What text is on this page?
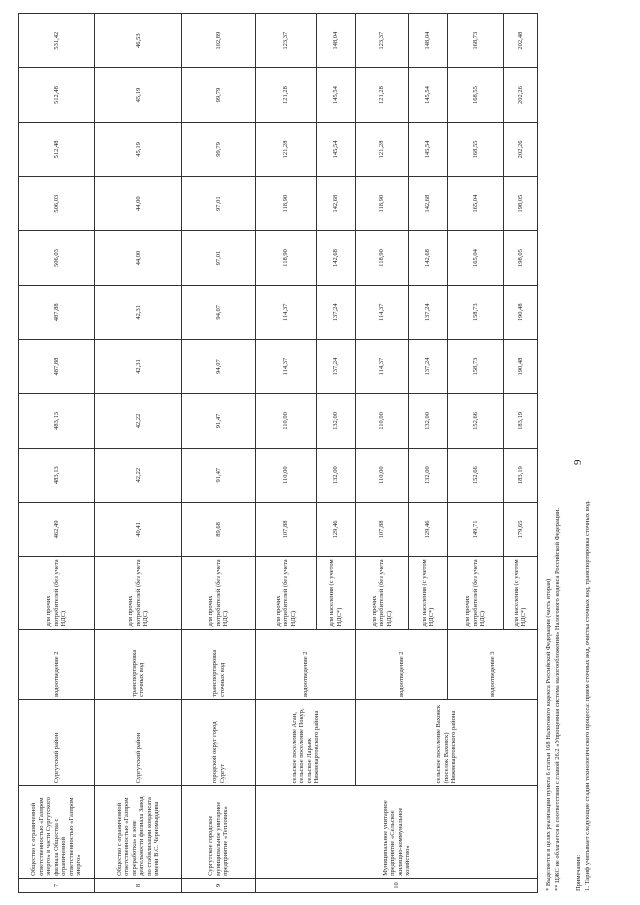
9
7	Общество с ограниченной ответственностью «Газпром энерго» в части Сургутского филиала Общества с ограниченной ответственностью «Газпром энерго»	Сургутский район	водоотведение 2	для прочих потребителей (без учета НДС)	462,49	483,13	483,13	487,88	487,88	506,03	506,03	512,48	512,48	531,42
8	Общество с ограниченной ответственностью «Газпром переработка» в зоне деятельности филиала Завод по стабилизации конденсата имени В.С. Черномырдина	Сургутский район	транспортировка сточных вод	для прочих потребителей (без учета НДС)	40,41	42,22	42,22	42,31	42,31	44,00	44,00	45,19	45,19	46,53
9	Сургутское городское муниципальное унитарное предприятие «Тепловик»	городской округ город Сургут	транспортировка сточных вод	для прочих потребителей (без учета НДС)	89,68	91,47	91,47	94,07	94,07	97,01	97,01	99,79	99,79	102,89
10	Муниципальное унитарное предприятие «Сельское жилищно-коммунальное хозяйство»	сельское поселение Аган, сельское поселение Покур, сельское Ларьяк Нижневартовского района	водоотведение 2	для прочих потребителей (без учета НДС)	107,88	110,00	110,00	114,37	114,37	118,90	118,90	121,28	121,28	123,37
				для населения (с учетом НДС*)	129,46	132,00	132,00	137,24	137,24	142,68	142,68	145,54	145,54	148,04
		сельское поселение Ваховск (поселок Ваховск) Нижневартовского района	водоотведение 2	для прочих потребителей (без учета НДС)	107,88	110,00	110,00	114,37	114,37	118,90	118,90	121,28	121,28	123,37
				для населения (с учетом НДС*)	129,46	132,00	132,00	137,24	137,24	142,68	142,68	145,54	145,54	148,04
			водоотведение 3	для прочих потребителей (без учета НДС)	149,71	152,66	152,66	158,73	158,73	165,04	165,04	168,55	168,55	168,73
				для населения (с учетом НДС*)	179,65	183,19	183,19	190,48	190,48	198,05	198,05	202,26	202,26	202,48
* Выделяется в целях реализации пункта 6 статьи 168 Налогового кодекса Российской Федерации (часть вторая) ** ЦЖС не облагается в соответствии с главой 26.2 «Упрощенная система налогообложения» Налогового кодекса Российской Федерации. Примечания: 1. Тариф учитывает следующие стадии технологического процесса: прием сточных вод, очистка сточных вод, транспортировка сточных вод.
